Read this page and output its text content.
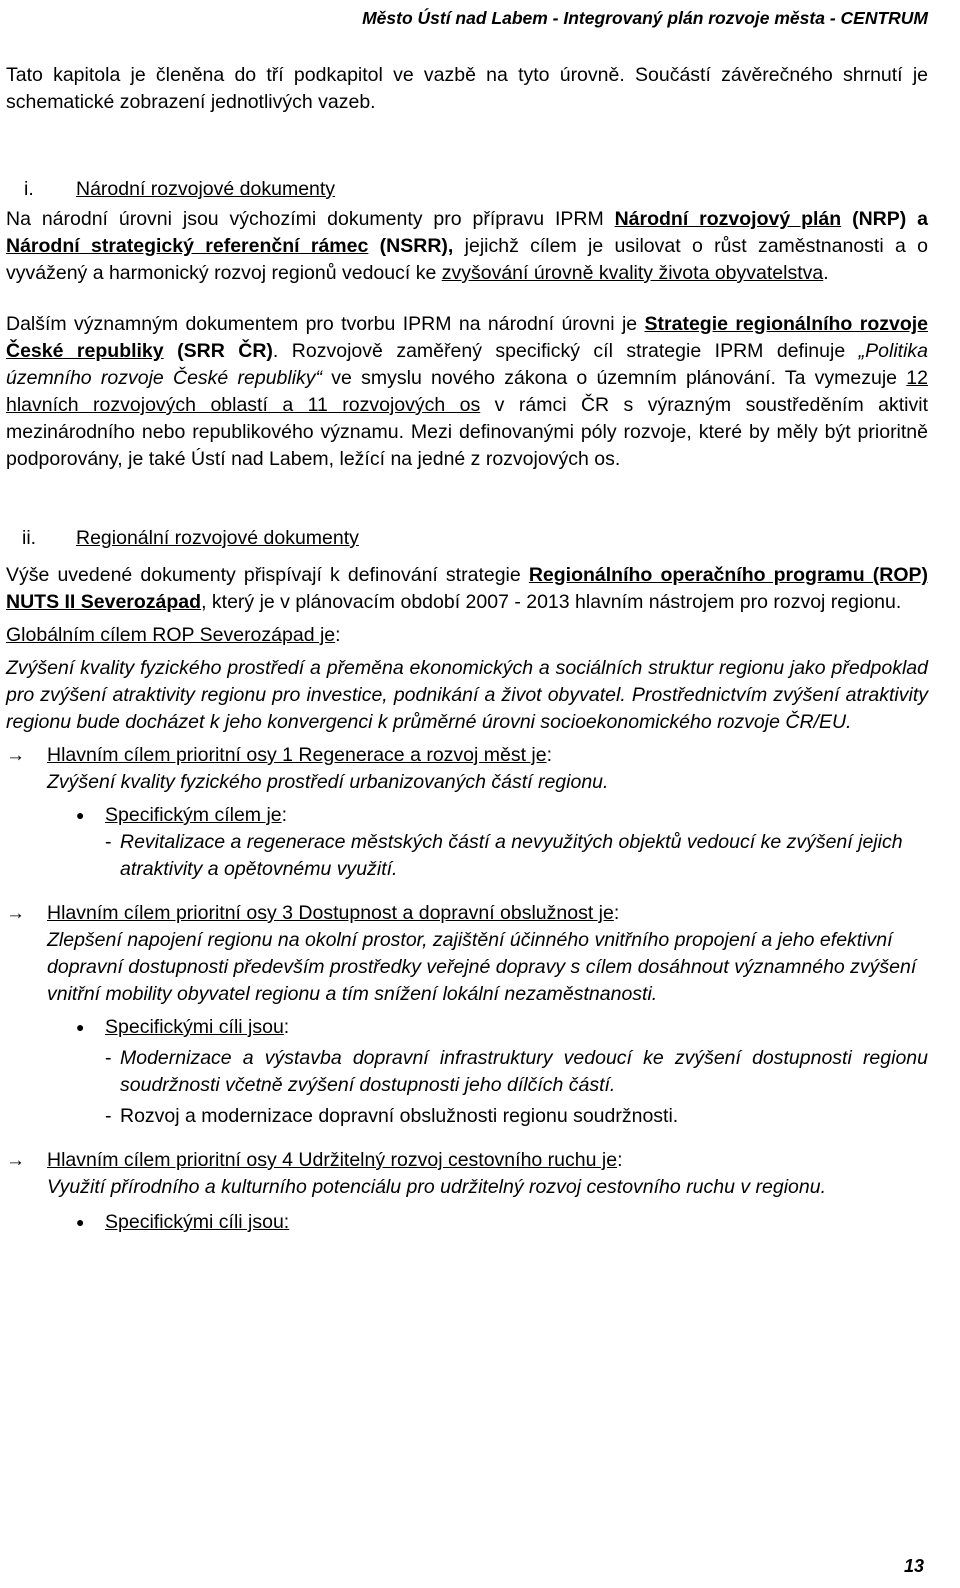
Město Ústí nad Labem - Integrovaný plán rozvoje města - CENTRUM

Tato kapitola je členěna do tří podkapitol ve vazbě na tyto úrovně. Součástí závěrečného shrnutí je schematické zobrazení jednotlivých vazeb.

i.	Národní rozvojové dokumenty

Na národní úrovni jsou výchozími dokumenty pro přípravu IPRM Národní rozvojový plán (NRP) a Národní strategický referenční rámec (NSRR), jejichž cílem je usilovat o růst zaměstnanosti a o vyvážený a harmonický rozvoj regionů vedoucí ke zvyšování úrovně kvality života obyvatelstva.

Dalším významným dokumentem pro tvorbu IPRM na národní úrovni je Strategie regionálního rozvoje České republiky (SRR ČR). Rozvojově zaměřený specifický cíl strategie IPRM definuje „Politika územního rozvoje České republiky“ ve smyslu nového zákona o územním plánování. Ta vymezuje 12 hlavních rozvojových oblastí a 11 rozvojových os v rámci ČR s výrazným soustředěním aktivit mezinárodního nebo republikového významu. Mezi definovanými póly rozvoje, které by měly být prioritně podporovány, je také Ústí nad Labem, ležící na jedné z rozvojových os.

ii.	Regionální rozvojové dokumenty

Výše uvedené dokumenty přispívají k definování strategie Regionálního operačního programu (ROP) NUTS II Severozápad, který je v plánovacím období 2007 - 2013 hlavním nástrojem pro rozvoj regionu.

Globálním cílem ROP Severozápad je:

Zvýšení kvality fyzického prostředí a přeměna ekonomických a sociálních struktur regionu jako předpoklad pro zvýšení atraktivity regionu pro investice, podnikání a život obyvatel. Prostřednictvím zvýšení atraktivity regionu bude docházet k jeho konvergenci k průměrné úrovni socioekonomického rozvoje ČR/EU.

→ Hlavním cílem prioritní osy 1 Regenerace a rozvoj měst je:
Zvýšení kvality fyzického prostředí urbanizovaných částí regionu.
● Specifickým cílem je:
- Revitalizace a regenerace městských částí a nevyužitých objektů vedoucí ke zvýšení jejich atraktivity a opětovnému využití.
→ Hlavním cílem prioritní osy 3 Dostupnost a dopravní obslužnost je:
Zlepšení napojení regionu na okolní prostor, zajištění účinného vnitřního propojení a jeho efektivní dopravní dostupnosti především prostředky veřejné dopravy s cílem dosáhnout významného zvýšení vnitřní mobility obyvatel regionu a tím snížení lokální nezaměstnanosti.
● Specifickými cíli jsou:
- Modernizace a výstavba dopravní infrastruktury vedoucí ke zvýšení dostupnosti regionu soudržnosti včetně zvýšení dostupnosti jeho dílčích částí.
- Rozvoj a modernizace dopravní obslužnosti regionu soudržnosti.
→ Hlavním cílem prioritní osy 4 Udržitelný rozvoj cestovního ruchu je:
Využití přírodního a kulturního potenciálu pro udržitelný rozvoj cestovního ruchu v regionu.
● Specifickými cíli jsou:
13
